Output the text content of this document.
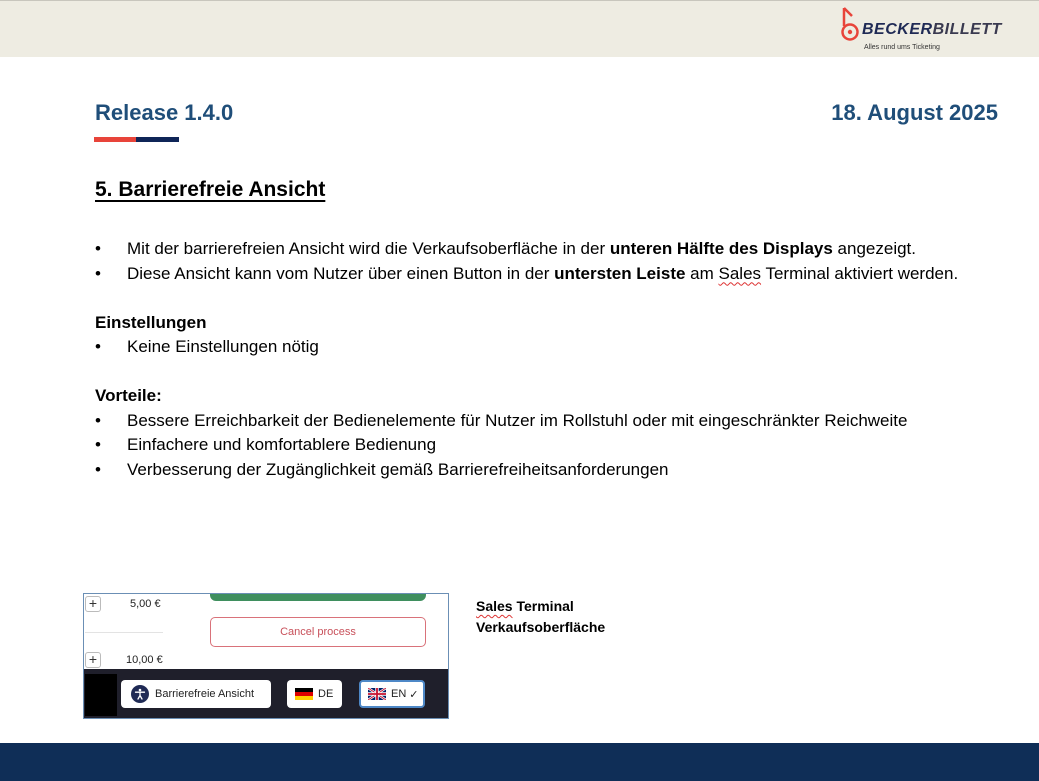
BECKERBILLETT
Alles rund ums Ticketing
Release 1.4.0	18. August 2025
5. Barrierefreie Ansicht
• Mit der barrierefreien Ansicht wird die Verkaufsoberfläche in der unteren Hälfte des Displays angezeigt.
• Diese Ansicht kann vom Nutzer über einen Button in der untersten Leiste am Sales Terminal aktiviert werden.
Einstellungen
• Keine Einstellungen nötig
Vorteile:
• Bessere Erreichbarkeit der Bedienelemente für Nutzer im Rollstuhl oder mit eingeschränkter Reichweite
• Einfachere und komfortablere Bedienung
• Verbesserung der Zugänglichkeit gemäß Barrierefreiheitsanforderungen
+	5,00 €
+	10,00 €
Cancel process
Barrierefreie Ansicht	DE	EN ✓
Sales Terminal
Verkaufsoberfläche
